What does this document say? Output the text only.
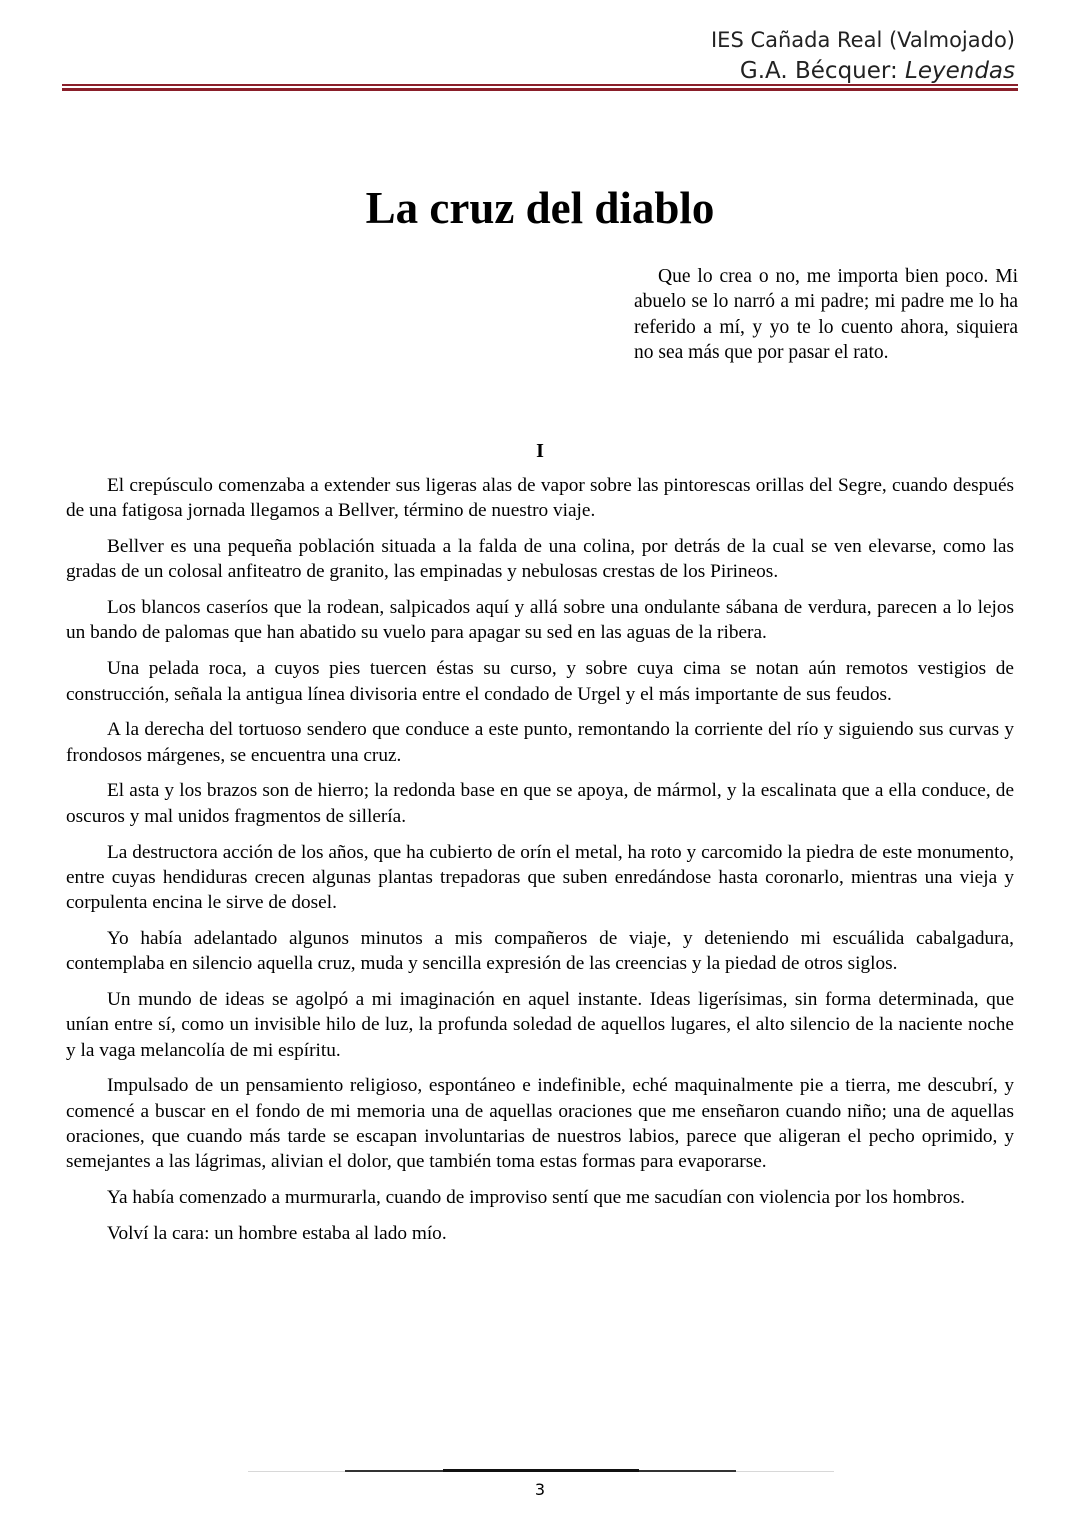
IES Cañada Real (Valmojado)
G.A. Bécquer: Leyendas
La cruz del diablo

Que lo crea o no, me importa bien poco. Mi abuelo se lo narró a mi padre; mi padre me lo ha referido a mí, y yo te lo cuento ahora, siquiera no sea más que por pasar el rato.

I

El crepúsculo comenzaba a extender sus ligeras alas de vapor sobre las pintorescas orillas del Segre, cuando después de una fatigosa jornada llegamos a Bellver, término de nuestro viaje.

Bellver es una pequeña población situada a la falda de una colina, por detrás de la cual se ven elevarse, como las gradas de un colosal anfiteatro de granito, las empinadas y nebulosas crestas de los Pirineos.

Los blancos caseríos que la rodean, salpicados aquí y allá sobre una ondulante sábana de verdura, parecen a lo lejos un bando de palomas que han abatido su vuelo para apagar su sed en las aguas de la ribera.

Una pelada roca, a cuyos pies tuercen éstas su curso, y sobre cuya cima se notan aún remotos vestigios de construcción, señala la antigua línea divisoria entre el condado de Urgel y el más importante de sus feudos.

A la derecha del tortuoso sendero que conduce a este punto, remontando la corriente del río y siguiendo sus curvas y frondosos márgenes, se encuentra una cruz.

El asta y los brazos son de hierro; la redonda base en que se apoya, de mármol, y la escalinata que a ella conduce, de oscuros y mal unidos fragmentos de sillería.

La destructora acción de los años, que ha cubierto de orín el metal, ha roto y carcomido la piedra de este monumento, entre cuyas hendiduras crecen algunas plantas trepadoras que suben enredándose hasta coronarlo, mientras una vieja y corpulenta encina le sirve de dosel.

Yo había adelantado algunos minutos a mis compañeros de viaje, y deteniendo mi escuálida cabalgadura, contemplaba en silencio aquella cruz, muda y sencilla expresión de las creencias y la piedad de otros siglos.

Un mundo de ideas se agolpó a mi imaginación en aquel instante. Ideas ligerísimas, sin forma determinada, que unían entre sí, como un invisible hilo de luz, la profunda soledad de aquellos lugares, el alto silencio de la naciente noche y la vaga melancolía de mi espíritu.

Impulsado de un pensamiento religioso, espontáneo e indefinible, eché maquinalmente pie a tierra, me descubrí, y comencé a buscar en el fondo de mi memoria una de aquellas oraciones que me enseñaron cuando niño; una de aquellas oraciones, que cuando más tarde se escapan involuntarias de nuestros labios, parece que aligeran el pecho oprimido, y semejantes a las lágrimas, alivian el dolor, que también toma estas formas para evaporarse.

Ya había comenzado a murmurarla, cuando de improviso sentí que me sacudían con violencia por los hombros.

Volví la cara: un hombre estaba al lado mío.

3
